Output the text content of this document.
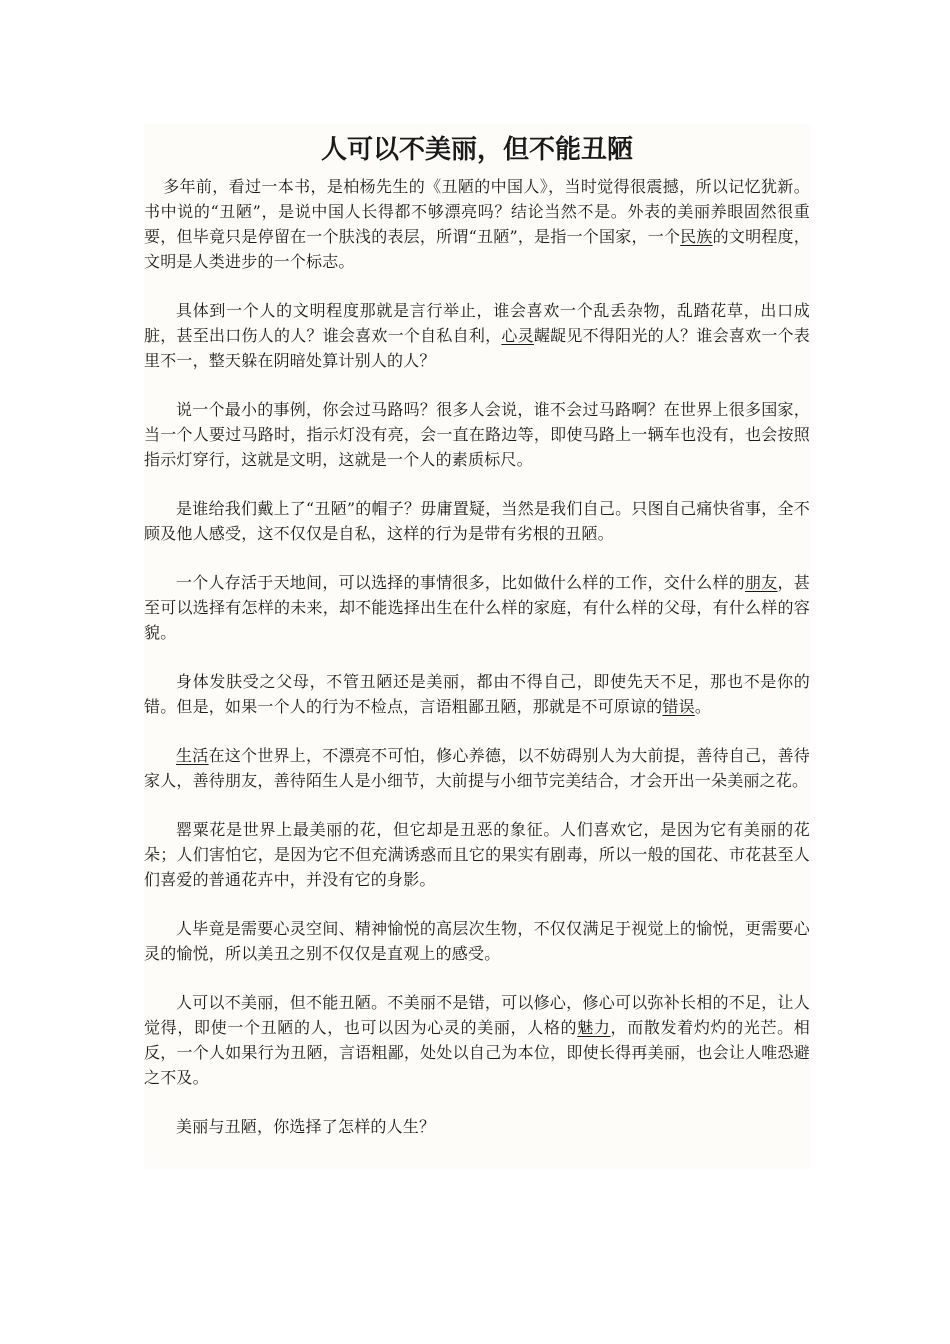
人可以不美丽，但不能丑陋

多年前，看过一本书，是柏杨先生的《丑陋的中国人》，当时觉得很震撼，所以记忆犹新。书中说的“丑陋”，是说中国人长得都不够漂亮吗？结论当然不是。外表的美丽养眼固然很重要，但毕竟只是停留在一个肤浅的表层，所谓“丑陋”，是指一个国家，一个民族的文明程度， 文明是人类进步的一个标志。

具体到一个人的文明程度那就是言行举止，谁会喜欢一个乱丢杂物，乱踏花草，出口成脏，甚至出口伤人的人？谁会喜欢一个自私自利，心灵龌龊见不得阳光的人？谁会喜欢一个表里不一，整天躲在阴暗处算计别人的人？

说一个最小的事例，你会过马路吗？很多人会说，谁不会过马路啊？在世界上很多国家，当一个人要过马路时，指示灯没有亮，会一直在路边等，即使马路上一辆车也没有，也会按照指示灯穿行，这就是文明，这就是一个人的素质标尺。

是谁给我们戴上了“丑陋”的帽子？毋庸置疑，当然是我们自己。只图自己痛快省事，全不顾及他人感受，这不仅仅是自私，这样的行为是带有劣根的丑陋。

一个人存活于天地间，可以选择的事情很多，比如做什么样的工作，交什么样的朋友，甚至可以选择有怎样的未来，却不能选择出生在什么样的家庭，有什么样的父母，有什么样的容貌。

身体发肤受之父母，不管丑陋还是美丽，都由不得自己，即使先天不足，那也不是你的错。但是，如果一个人的行为不检点，言语粗鄙丑陋，那就是不可原谅的错误。

生活在这个世界上，不漂亮不可怕，修心养德，以不妨碍别人为大前提，善待自己，善待家人，善待朋友，善待陌生人是小细节，大前提与小细节完美结合，才会开出一朵美丽之花。

罂粟花是世界上最美丽的花，但它却是丑恶的象征。人们喜欢它，是因为它有美丽的花朵；人们害怕它，是因为它不但充满诱惑而且它的果实有剧毒，所以一般的国花、市花甚至人们喜爱的普通花卉中，并没有它的身影。

人毕竟是需要心灵空间、精神愉悦的高层次生物，不仅仅满足于视觉上的愉悦，更需要心灵的愉悦，所以美丑之别不仅仅是直观上的感受。

人可以不美丽，但不能丑陋。不美丽不是错，可以修心，修心可以弥补长相的不足，让人觉得，即使一个丑陋的人，也可以因为心灵的美丽，人格的魅力，而散发着灼灼的光芒。相反，一个人如果行为丑陋，言语粗鄙，处处以自己为本位，即使长得再美丽，也会让人唯恐避之不及。

美丽与丑陋，你选择了怎样的人生？
